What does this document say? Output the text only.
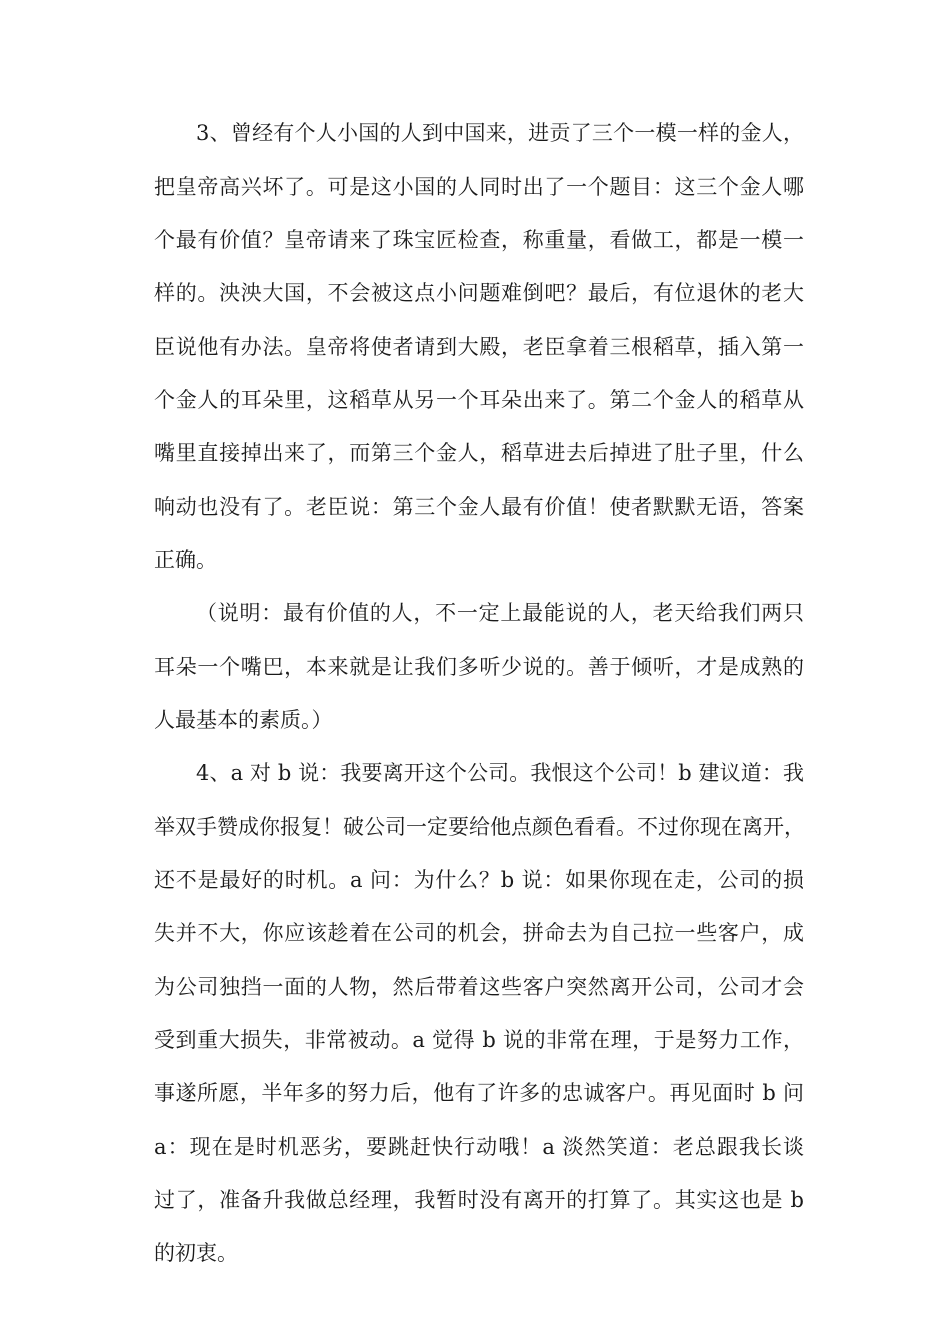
3、曾经有个人小国的人到中国来，进贡了三个一模一样的金人，
把皇帝高兴坏了。可是这小国的人同时出了一个题目：这三个金人哪
个最有价值？皇帝请来了珠宝匠检查，称重量，看做工，都是一模一
样的。泱泱大国，不会被这点小问题难倒吧？最后，有位退休的老大
臣说他有办法。皇帝将使者请到大殿，老臣拿着三根稻草，插入第一
个金人的耳朵里，这稻草从另一个耳朵出来了。第二个金人的稻草从
嘴里直接掉出来了，而第三个金人，稻草进去后掉进了肚子里，什么
响动也没有了。老臣说：第三个金人最有价值！使者默默无语，答案
正确。
（说明：最有价值的人，不一定上最能说的人，老天给我们两只
耳朵一个嘴巴，本来就是让我们多听少说的。善于倾听，才是成熟的
人最基本的素质。）
4、a 对 b 说：我要离开这个公司。我恨这个公司！b 建议道：我
举双手赞成你报复！破公司一定要给他点颜色看看。不过你现在离开，
还不是最好的时机。a 问：为什么？b 说：如果你现在走，公司的损
失并不大，你应该趁着在公司的机会，拼命去为自己拉一些客户，成
为公司独挡一面的人物，然后带着这些客户突然离开公司，公司才会
受到重大损失，非常被动。a 觉得 b 说的非常在理，于是努力工作，
事遂所愿，半年多的努力后，他有了许多的忠诚客户。再见面时 b 问
a：现在是时机恶劣，要跳赶快行动哦！a 淡然笑道：老总跟我长谈
过了，准备升我做总经理，我暂时没有离开的打算了。其实这也是 b
的初衷。
